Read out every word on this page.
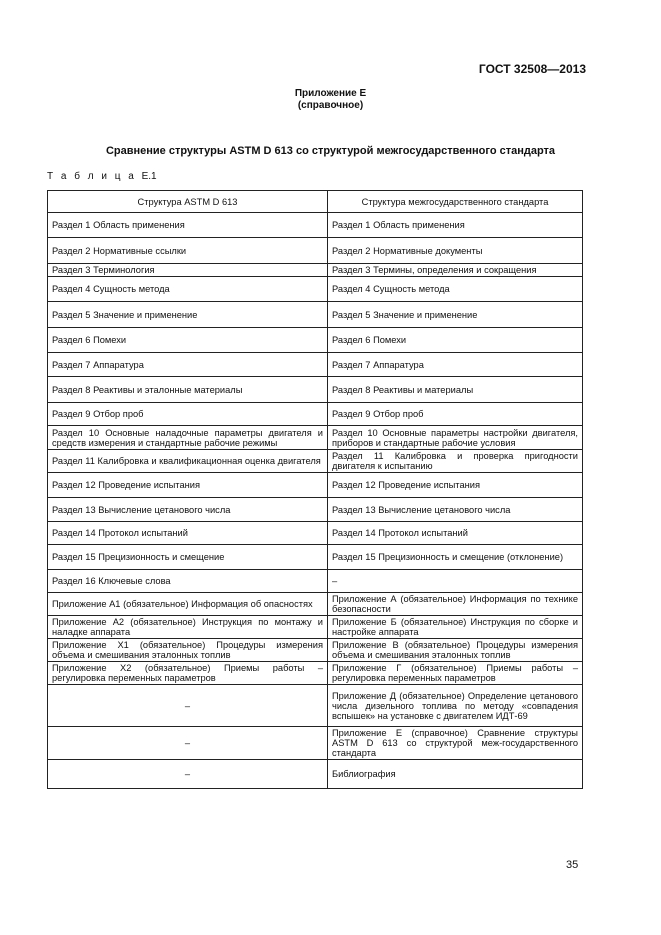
ГОСТ 32508—2013
Приложение Е
(справочное)
Сравнение структуры ASTM D 613 со структурой межгосударственного стандарта
Т а б л и ц а Е.1
Структура ASTM D 613	Структура межгосударственного стандарта
Раздел 1 Область применения	Раздел 1 Область применения
Раздел 2 Нормативные ссылки	Раздел 2 Нормативные документы
Раздел 3 Терминология	Раздел 3 Термины, определения и сокращения
Раздел 4 Сущность метода	Раздел 4 Сущность метода
Раздел 5 Значение и применение	Раздел 5 Значение и применение
Раздел 6 Помехи	Раздел 6 Помехи
Раздел 7 Аппаратура	Раздел 7 Аппаратура
Раздел 8 Реактивы и эталонные материалы	Раздел 8 Реактивы и материалы
Раздел 9 Отбор проб	Раздел 9 Отбор проб
Раздел 10 Основные наладочные параметры двигателя и средств измерения и стандартные рабочие режимы	Раздел 10 Основные параметры настройки двигателя, приборов и стандартные рабочие условия
Раздел 11 Калибровка и квалификационная оценка двигателя	Раздел 11 Калибровка и проверка пригодности двигателя к испытанию
Раздел 12 Проведение испытания	Раздел 12 Проведение испытания
Раздел 13 Вычисление цетанового числа	Раздел 13 Вычисление цетанового числа
Раздел 14 Протокол испытаний	Раздел 14 Протокол испытаний
Раздел 15 Прецизионность и смещение	Раздел 15 Прецизионность и смещение (отклонение)
Раздел 16 Ключевые слова	–
Приложение А1 (обязательное) Информация об опасностях	Приложение А (обязательное) Информация по технике безопасности
Приложение А2 (обязательное) Инструкция по монтажу и наладке аппарата	Приложение Б (обязательное) Инструкция по сборке и настройке аппарата
Приложение Х1 (обязательное) Процедуры измерения объема и смешивания эталонных топлив	Приложение В (обязательное) Процедуры измерения объема и смешивания эталонных топлив
Приложение Х2 (обязательное) Приемы работы – регулировка переменных параметров	Приложение Г (обязательное) Приемы работы – регулировка переменных параметров
–	Приложение Д (обязательное) Определение цетанового числа дизельного топлива по методу «совпадения вспышек» на установке с двигателем ИДТ-69
–	Приложение Е (справочное) Сравнение структуры ASTM D 613 со структурой меж-государственного стандарта
–	Библиография
35
